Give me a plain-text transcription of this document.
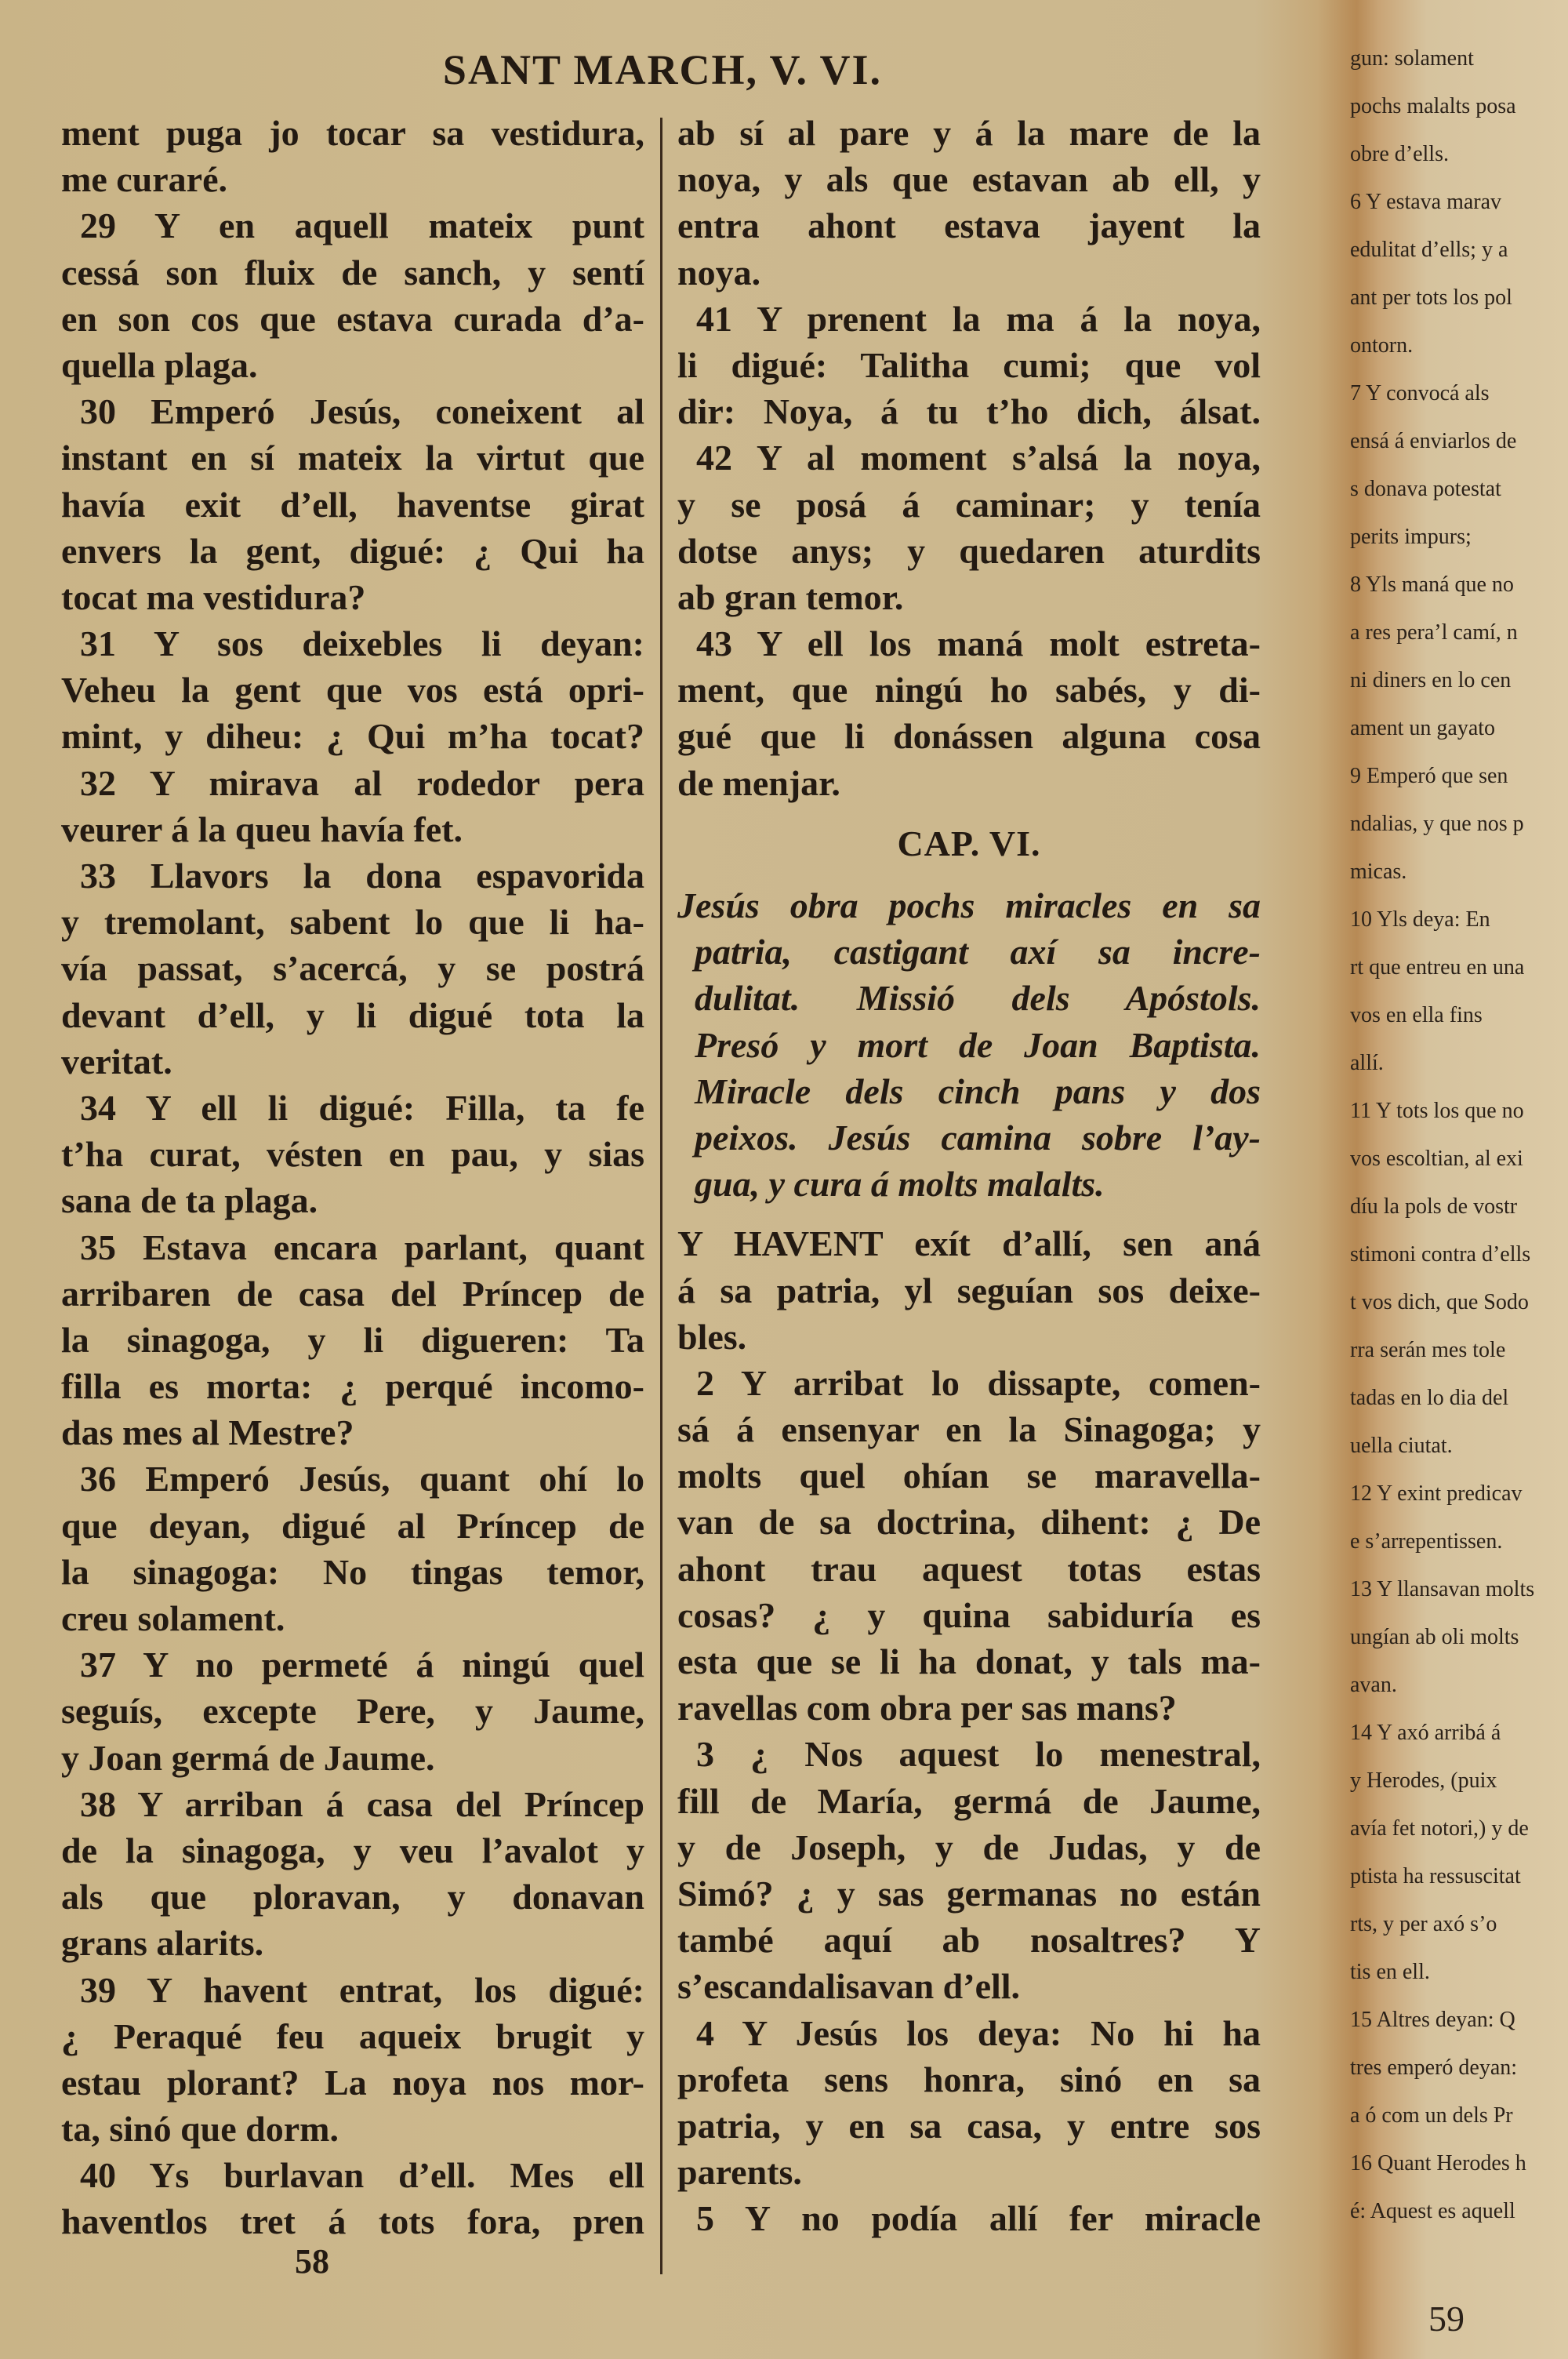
SANT MARCH, V. VI.
ment puga jo tocar sa vestidura,
me curaré.
29 Y en aquell mateix punt
cessá son fluix de sanch, y sentí
en son cos que estava curada d’a-
quella plaga.
30 Emperó Jesús, coneixent al
instant en sí mateix la virtut que
havía exit d’ell, haventse girat
envers la gent, digué: ¿ Qui ha
tocat ma vestidura?
31 Y sos deixebles li deyan:
Veheu la gent que vos está opri-
mint, y diheu: ¿ Qui m’ha tocat?
32 Y mirava al rodedor pera
veurer á la queu havía fet.
33 Llavors la dona espavorida
y tremolant, sabent lo que li ha-
vía passat, s’acercá, y se postrá
devant d’ell, y li digué tota la
veritat.
34 Y ell li digué: Filla, ta fe
t’ha curat, vésten en pau, y sias
sana de ta plaga.
35 Estava encara parlant, quant
arribaren de casa del Príncep de
la sinagoga, y li digueren: Ta
filla es morta: ¿ perqué incomo-
das mes al Mestre?
36 Emperó Jesús, quant ohí lo
que deyan, digué al Príncep de
la sinagoga: No tingas temor,
creu solament.
37 Y no permeté á ningú quel
seguís, excepte Pere, y Jaume,
y Joan germá de Jaume.
38 Y arriban á casa del Príncep
de la sinagoga, y veu l’avalot y
als que ploravan, y donavan
grans alarits.
39 Y havent entrat, los digué:
¿ Peraqué feu aqueix brugit y
estau plorant? La noya nos mor-
ta, sinó que dorm.
40 Ys burlavan d’ell. Mes ell
haventlos tret á tots fora, pren
ab sí al pare y á la mare de la
noya, y als que estavan ab ell, y
entra ahont estava jayent la
noya.
41 Y prenent la ma á la noya,
li digué: Talitha cumi; que vol
dir: Noya, á tu t’ho dich, álsat.
42 Y al moment s’alsá la noya,
y se posá á caminar; y tenía
dotse anys; y quedaren aturdits
ab gran temor.
43 Y ell los maná molt estreta-
ment, que ningú ho sabés, y di-
gué que li donássen alguna cosa
de menjar.
CAP. VI.
Jesús obra pochs miracles en sa
patria, castigant axí sa incre-
dulitat. Missió dels Apóstols.
Presó y mort de Joan Baptista.
Miracle dels cinch pans y dos
peixos. Jesús camina sobre l’ay-
gua, y cura á molts malalts.
Y HAVENT exít d’allí, sen aná
á sa patria, yl seguían sos deixe-
bles.
2 Y arribat lo dissapte, comen-
sá á ensenyar en la Sinagoga; y
molts quel ohían se maravella-
van de sa doctrina, dihent: ¿ De
ahont trau aquest totas estas
cosas? ¿ y quina sabiduría es
esta que se li ha donat, y tals ma-
ravellas com obra per sas mans?
3 ¿ Nos aquest lo menestral,
fill de María, germá de Jaume,
y de Joseph, y de Judas, y de
Simó? ¿ y sas germanas no están
també aquí ab nosaltres? Y
s’escandalisavan d’ell.
4 Y Jesús los deya: No hi ha
profeta sens honra, sinó en sa
patria, y en sa casa, y entre sos
parents.
5 Y no podía allí fer miracle
58
gun: solament
pochs malalts posa
obre d’ells.
6 Y estava marav
edulitat d’ells; y a
ant per tots los pol
ontorn.
7 Y convocá als
ensá á enviarlos de
s donava potestat
perits impurs;
8 Yls maná que no
a res pera’l camí, n
ni diners en lo cen
ament un gayato
9 Emperó que sen
ndalias, y que nos p
micas.
10 Yls deya: En
rt que entreu en una
vos en ella fins
allí.
11 Y tots los que no
vos escoltian, al exi
díu la pols de vostr
stimoni contra d’ells
t vos dich, que Sodo
rra serán mes tole
tadas en lo dia del
uella ciutat.
12 Y exint predicav
e s’arrepentissen.
13 Y llansavan molts
ungían ab oli molts
avan.
14 Y axó arribá á
y Herodes, (puix
avía fet notori,) y de
ptista ha ressuscitat
rts, y per axó s’o
tis en ell.
15 Altres deyan: Q
tres emperó deyan:
a ó com un dels Pr
16 Quant Herodes h
é: Aquest es aquell
59
